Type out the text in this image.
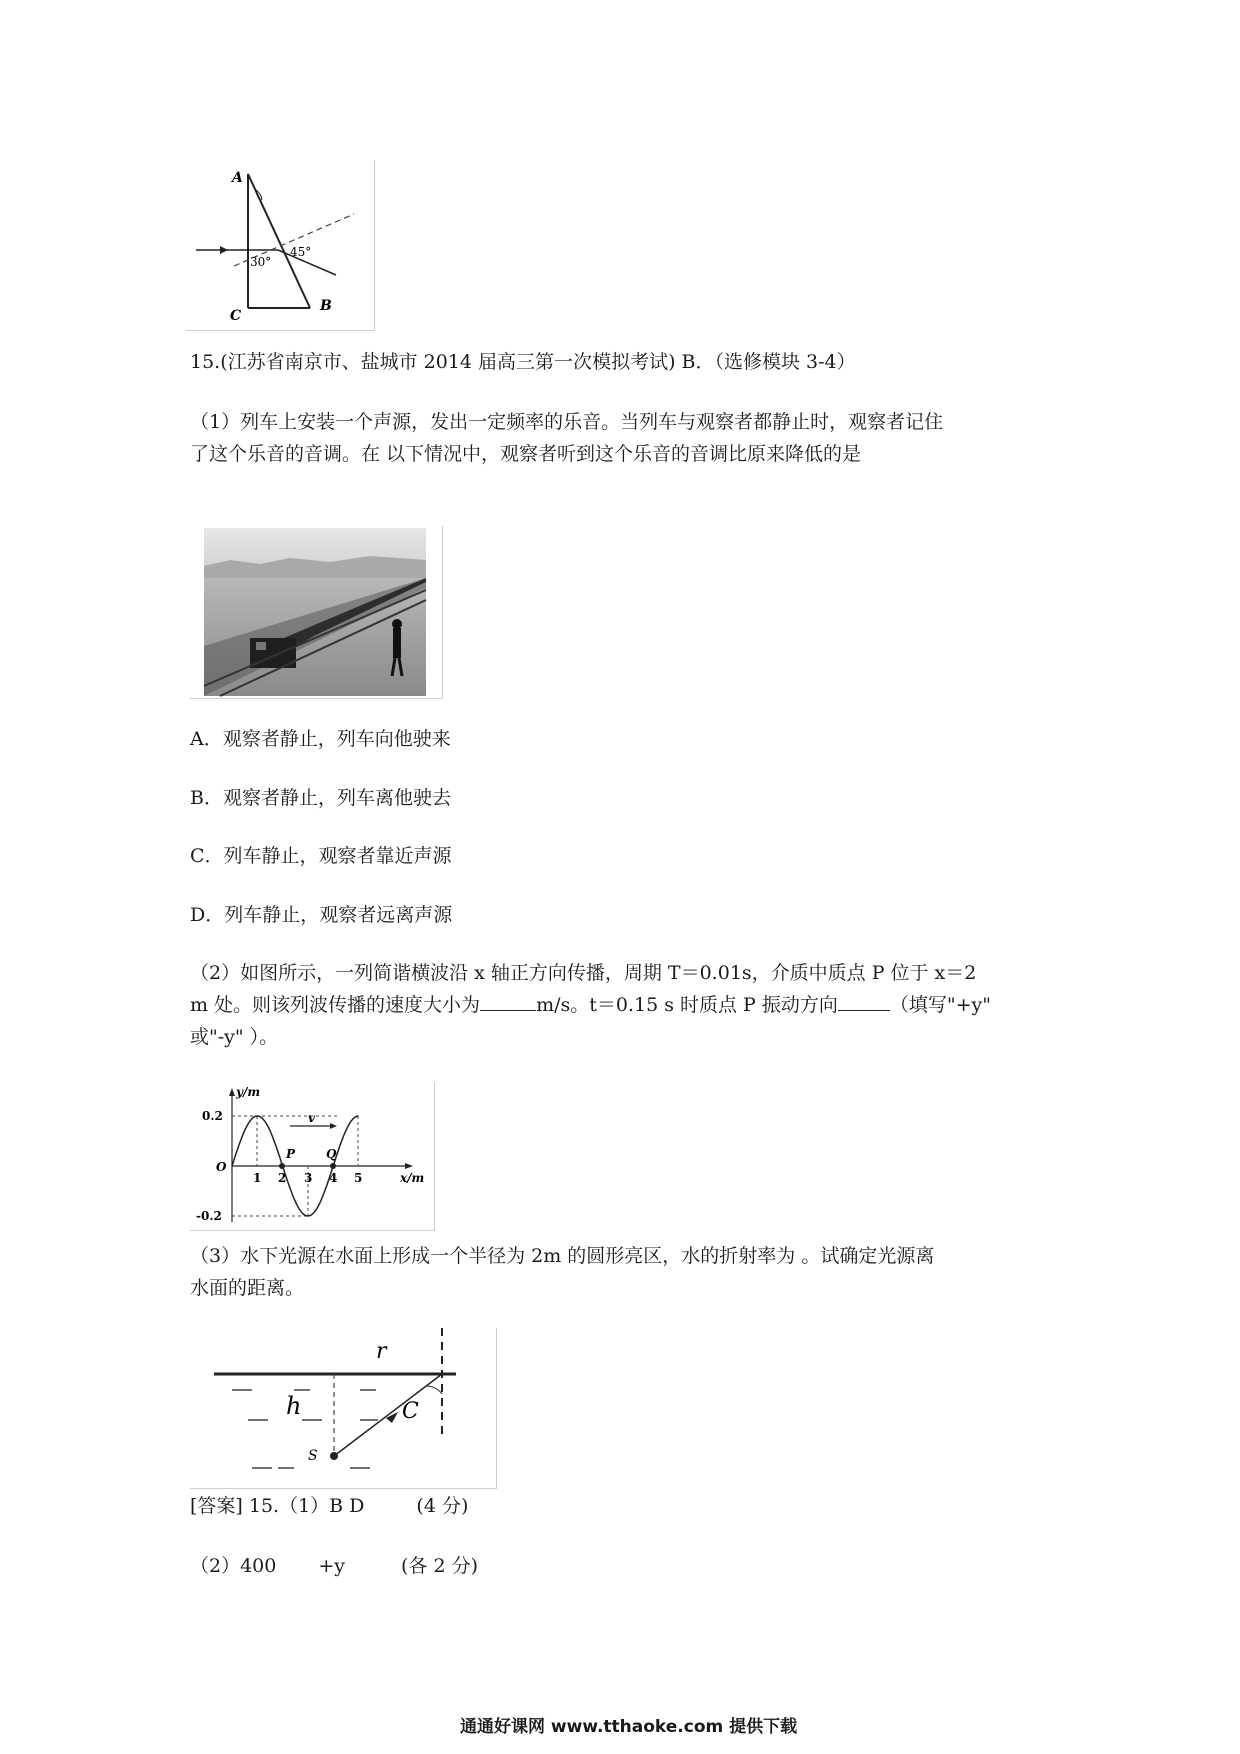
A
B
C
30°
45°
15.(江苏省南京市、盐城市 2014 届高三第一次模拟考试) B．（选修模块 3-4）
（1）列车上安装一个声源，发出一定频率的乐音。当列车与观察者都静止时，观察者记住
了这个乐音的音调。在 以下情况中，观察者听到这个乐音的音调比原来降低的是
A．观察者静止，列车向他驶来
B．观察者静止，列车离他驶去
C．列车静止，观察者靠近声源
D．列车静止，观察者远离声源
（2）如图所示，一列简谐横波沿 x 轴正方向传播，周期 T＝0.01s，介质中质点 P 位于 x＝2
m 处。则该列波传播的速度大小为	m/s。t＝0.15 s 时质点 P 振动方向	（填写"+y"
或"-y" ）。
y/m
x/m
O
0.2
-0.2
v
P	Q
1 2 3 4 5
（3）水下光源在水面上形成一个半径为 2m 的圆形亮区，水的折射率为 。试确定光源离
水面的距离。
r
h	C
S
[答案] 15.（1）B D	(4 分)
（2）400 +y	(各 2 分)
通通好课网 www.tthaoke.com 提供下载
